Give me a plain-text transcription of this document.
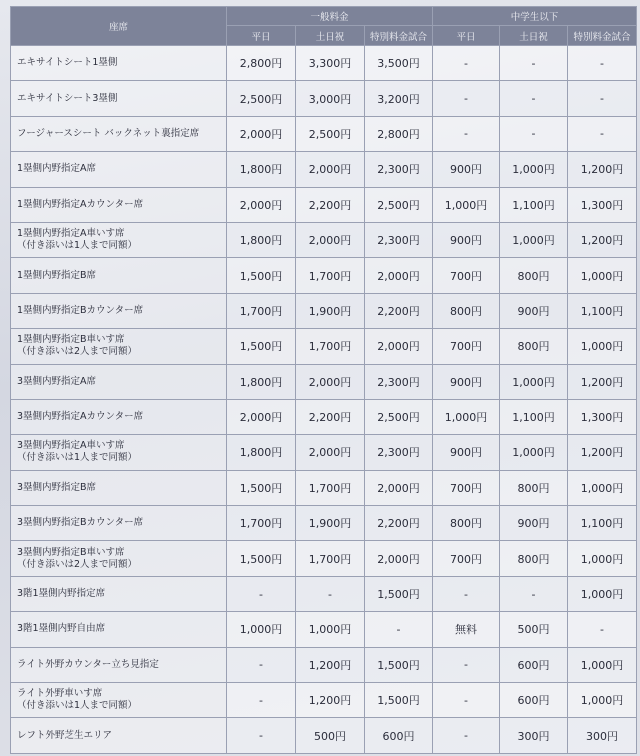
座席	一般料金			中学生以下		
	平日	土日祝	特別料金試合	平日	土日祝	特別料金試合
エキサイトシート1塁側	2,800円	3,300円	3,500円	-	-	-
エキサイトシート3塁側	2,500円	3,000円	3,200円	-	-	-
フージャースシート バックネット裏指定席	2,000円	2,500円	2,800円	-	-	-
1塁側内野指定A席	1,800円	2,000円	2,300円	900円	1,000円	1,200円
1塁側内野指定Aカウンター席	2,000円	2,200円	2,500円	1,000円	1,100円	1,300円
1塁側内野指定A車いす席
（付き添いは1人まで同額）	1,800円	2,000円	2,300円	900円	1,000円	1,200円
1塁側内野指定B席	1,500円	1,700円	2,000円	700円	800円	1,000円
1塁側内野指定Bカウンター席	1,700円	1,900円	2,200円	800円	900円	1,100円
1塁側内野指定B車いす席
（付き添いは2人まで同額）	1,500円	1,700円	2,000円	700円	800円	1,000円
3塁側内野指定A席	1,800円	2,000円	2,300円	900円	1,000円	1,200円
3塁側内野指定Aカウンター席	2,000円	2,200円	2,500円	1,000円	1,100円	1,300円
3塁側内野指定A車いす席
（付き添いは1人まで同額）	1,800円	2,000円	2,300円	900円	1,000円	1,200円
3塁側内野指定B席	1,500円	1,700円	2,000円	700円	800円	1,000円
3塁側内野指定Bカウンター席	1,700円	1,900円	2,200円	800円	900円	1,100円
3塁側内野指定B車いす席
（付き添いは2人まで同額）	1,500円	1,700円	2,000円	700円	800円	1,000円
3階1塁側内野指定席	-	-	1,500円	-	-	1,000円
3階1塁側内野自由席	1,000円	1,000円	-	無料	500円	-
ライト外野カウンター立ち見指定	-	1,200円	1,500円	-	600円	1,000円
ライト外野車いす席
（付き添いは1人まで同額）	-	1,200円	1,500円	-	600円	1,000円
レフト外野芝生エリア	-	500円	600円	-	300円	300円
